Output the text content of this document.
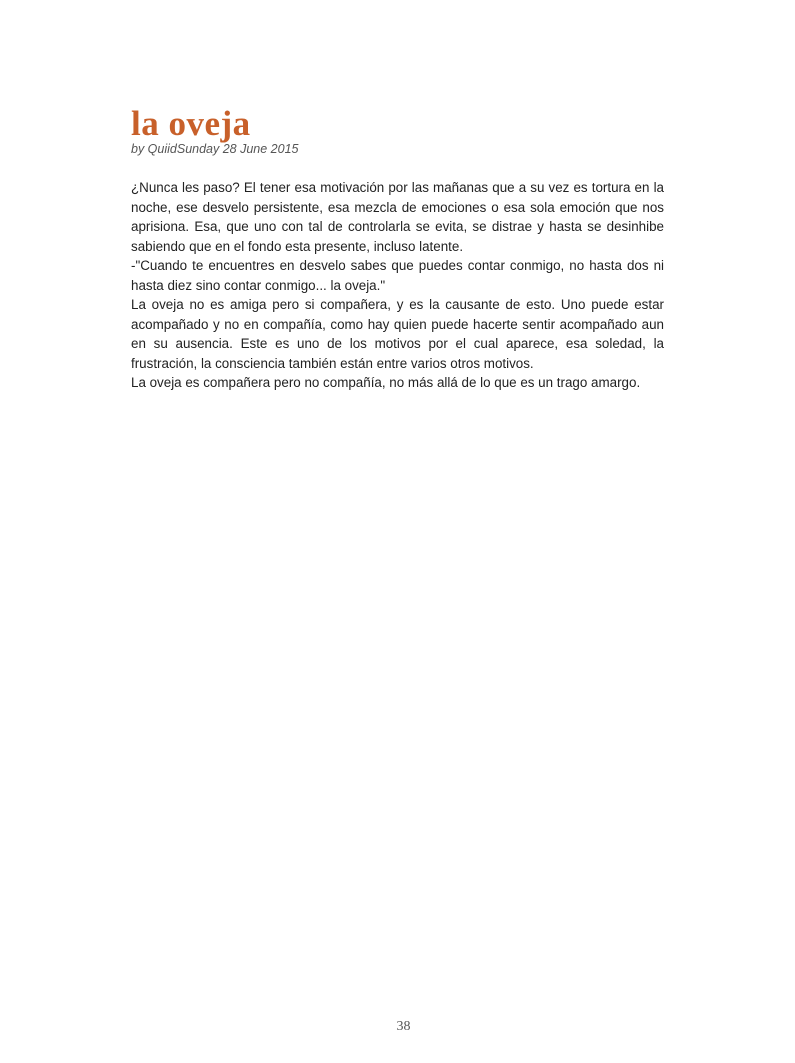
la oveja
by QuiidSunday 28 June 2015

¿Nunca les paso? El tener esa motivación por las mañanas que a su vez es tortura en la noche, ese desvelo persistente, esa mezcla de emociones o esa sola emoción que nos aprisiona. Esa, que uno con tal de controlarla se evita, se distrae y hasta se desinhibe sabiendo que en el fondo esta presente, incluso latente.

-"Cuando te encuentres en desvelo sabes que puedes contar conmigo, no hasta dos ni hasta diez sino contar conmigo... la oveja."

La oveja no es amiga pero si compañera, y es la causante de esto. Uno puede estar acompañado y no en compañía, como hay quien puede hacerte sentir acompañado aun en su ausencia. Este es uno de los motivos por el cual aparece, esa soledad, la frustración, la consciencia también están entre varios otros motivos.

La oveja es compañera pero no compañía, no más allá de lo que es un trago amargo.

38
